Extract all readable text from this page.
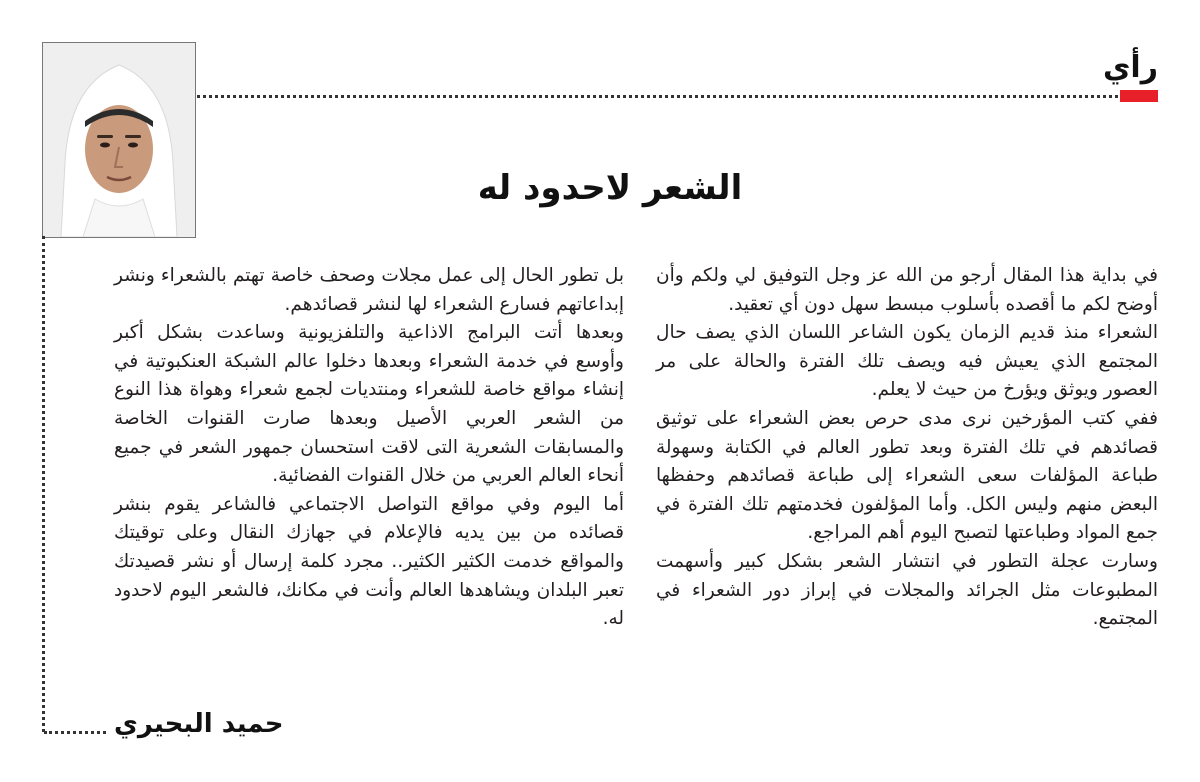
رأي
الشعر لاحدود له

في بداية هذا المقال أرجو من الله عز وجل التوفيق لي ولكم وأن أوضح لكم ما أقصده بأسلوب مبسط سهل دون أي تعقيد.

الشعراء منذ قديم الزمان يكون الشاعر اللسان الذي يصف حال المجتمع الذي يعيش فيه ويصف تلك الفترة والحالة على مر العصور ويوثق ويؤرخ من حيث لا يعلم.

ففي كتب المؤرخين نرى مدى حرص بعض الشعراء على توثيق قصائدهم في تلك الفترة وبعد تطور العالم في الكتابة وسهولة طباعة المؤلفات سعى الشعراء إلى طباعة قصائدهم وحفظها البعض منهم وليس الكل. وأما المؤلفون فخدمتهم تلك الفترة في جمع المواد وطباعتها لتصبح اليوم أهم المراجع.

وسارت عجلة التطور في انتشار الشعر بشكل كبير وأسهمت المطبوعات مثل الجرائد والمجلات في إبراز دور الشعراء في المجتمع.

بل تطور الحال إلى عمل مجلات وصحف خاصة تهتم بالشعراء ونشر إبداعاتهم فسارع الشعراء لها لنشر قصائدهم.

وبعدها أتت البرامج الاذاعية والتلفزيونية وساعدت بشكل أكبر وأوسع في خدمة الشعراء وبعدها دخلوا عالم الشبكة العنكبوتية في إنشاء مواقع خاصة للشعراء ومنتديات لجمع شعراء وهواة هذا النوع من الشعر العربي الأصيل وبعدها صارت القنوات الخاصة والمسابقات الشعرية التى لاقت استحسان جمهور الشعر في جميع أنحاء العالم العربي من خلال القنوات الفضائية.

أما اليوم وفي مواقع التواصل الاجتماعي فالشاعر يقوم بنشر قصائده من بين يديه فالإعلام في جهازك النقال وعلى توقيتك والمواقع خدمت الكثير الكثير.. مجرد كلمة إرسال أو نشر قصيدتك تعبر البلدان ويشاهدها العالم وأنت في مكانك، فالشعر اليوم لاحدود له.

حميد البحيري
